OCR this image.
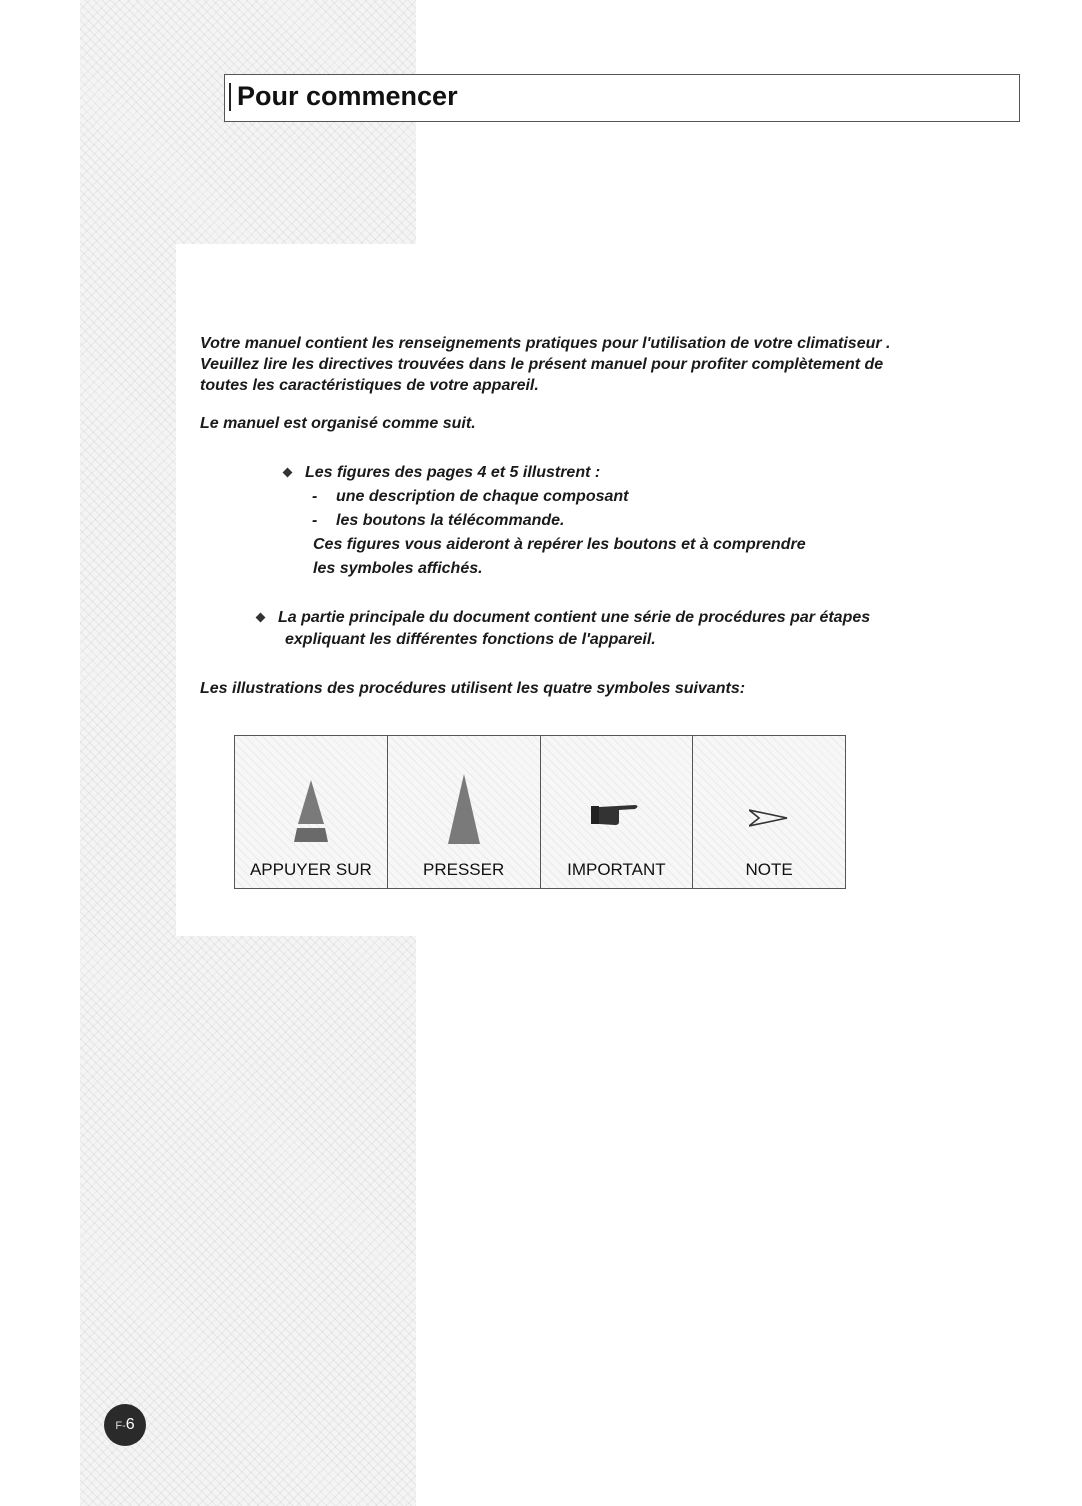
Pour commencer

Votre manuel contient les renseignements pratiques pour l'utilisation de votre climatiseur .

Veuillez lire les directives trouvées dans le présent manuel pour profiter complètement de

toutes les caractéristiques de votre appareil.

Le manuel est organisé comme suit.
Les figures des pages 4 et 5 illustrent :
- une description de chaque composant
- les boutons la télécommande.
Ces figures vous aideront à repérer les boutons et à comprendre
les symboles affichés.
La partie principale du document contient une série de procédures par étapes
expliquant les différentes fonctions de l'appareil.
Les illustrations des procédures utilisent les quatre symboles suivants:
APPUYER SUR	PRESSER	IMPORTANT	NOTE
F-6
